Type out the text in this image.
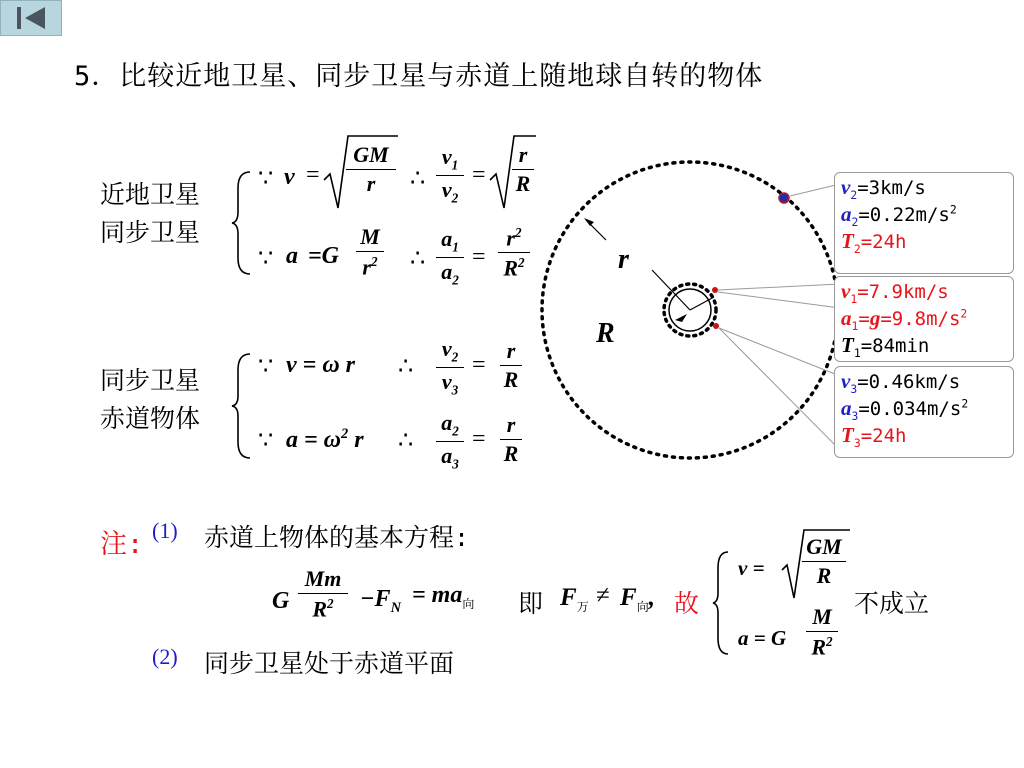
5．比较近地卫星、同步卫星与赤道上随地球自转的物体
近地卫星
同步卫星
∵ v =
GM
r ∴
$v_1$
$v_2$
=
r
R
∵ a =G
M
$r^2$ ∴
$a_1$
$a_2$
=
$r^2$
$R^2$
同步卫星
赤道物体
∵ v = ω r ∴
$v_2$
$v_3$
=
r
R
∵ $a = \omega^2$ r ∴
$a_2$
$a_3$
=
r
R
r
R
$v_2=3km/s$
$a_2=0.22m/s^2$
$T_2=24h$
$v_1=7.9km/s$
$a_1=g=9.8m/s^2$
$T_1=84\min$
$v_3=0.46km/s$
$a_3=0.034m/s^2$
$T_3=24h$
注: (1) 赤道上物体的基本方程:
G
Mm
$R^2 -F_N = ma_向$ 即 $F_万 \ne F_向$, 故
v =
GM
R
a = G
M
$R^2$
不成立
(2) 同步卫星处于赤道平面
